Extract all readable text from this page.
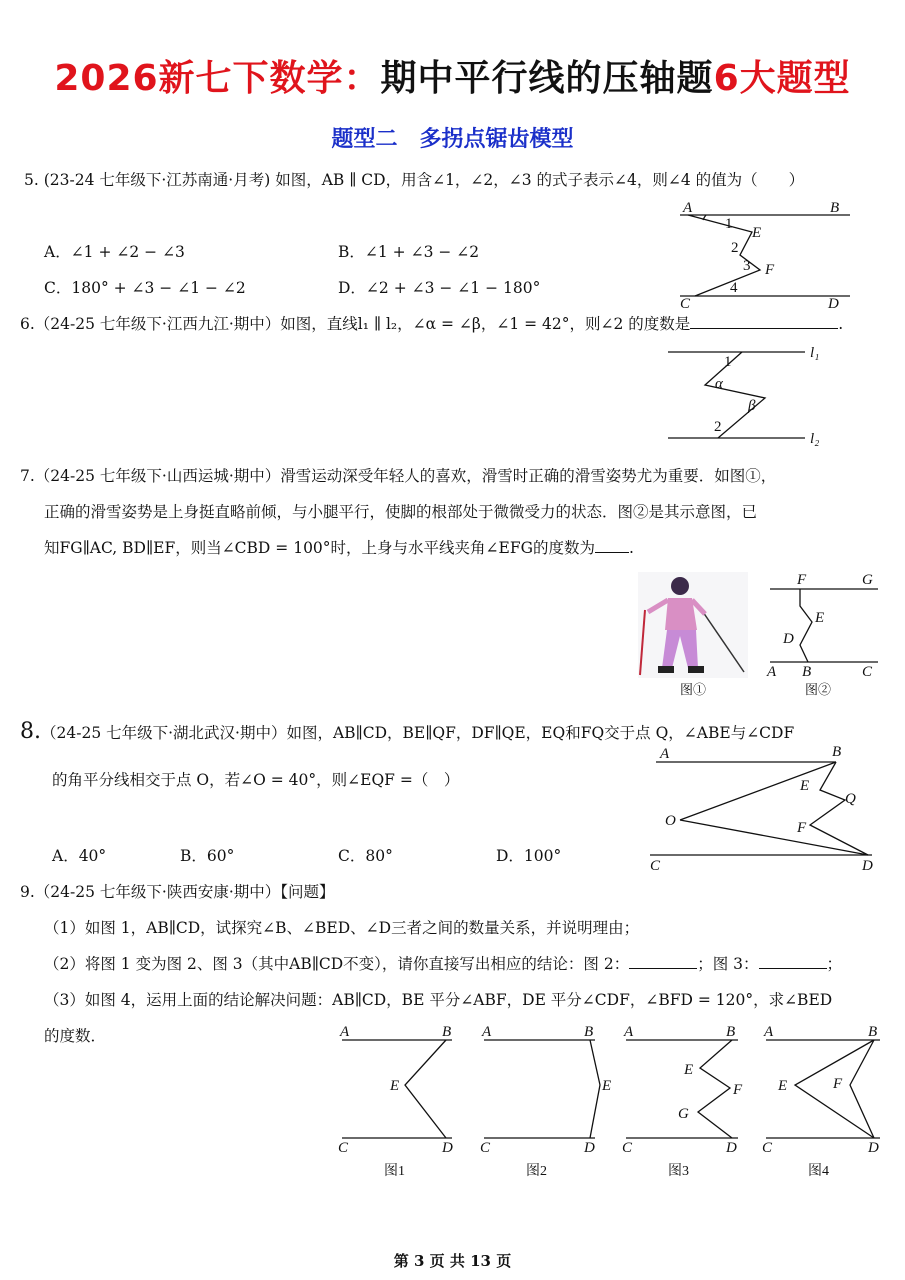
2026新七下数学：期中平行线的压轴题6大题型
题型二　多拐点锯齿模型
5. (23-24 七年级下·江苏南通·月考) 如图，AB ∥ CD，用含∠1，∠2，∠3 的式子表示∠4，则∠4 的值为（　　）
A．∠1 + ∠2 − ∠3	B．∠1 + ∠3 − ∠2
C．180° + ∠3 − ∠1 − ∠2	D．∠2 + ∠3 − ∠1 − 180°
A	B
1
E
2
3 F
C
4
D
6.（24-25 七年级下·江西九江·期中）如图，直线l₁ ∥ l₂，∠α = ∠β，∠1 = 42°，则∠2 的度数是	.
1
l₁
α
β
2
l₂
7.（24-25 七年级下·山西运城·期中）滑雪运动深受年轻人的喜欢，滑雪时正确的滑雪姿势尤为重要．如图①，
正确的滑雪姿势是上身挺直略前倾，与小腿平行，使脚的根部处于微微受力的状态．图②是其示意图，已
知FG∥AC, BD∥EF，则当∠CBD = 100°时，上身与水平线夹角∠EFG的度数为 .
图①
F	G
E
D
A B	C
图②
8.（24-25 七年级下·湖北武汉·期中）如图，AB∥CD，BE∥QF，DF∥QE，EQ和FQ交于点 Q，∠ABE与∠CDF
的角平分线相交于点 O，若∠O = 40°，则∠EQF =（　）
A．40°	B．60°	C．80°	D．100°
A	B
E
Q
O	F
C	D
9.（24-25 七年级下·陕西安康·期中）【问题】
（1）如图 1，AB∥CD，试探究∠B、∠BED、∠D三者之间的数量关系，并说明理由；
（2）将图 1 变为图 2、图 3（其中AB∥CD不变），请你直接写出相应的结论：图 2：	；图 3：	；
（3）如图 4，运用上面的结论解决问题：AB∥CD，BE 平分∠ABF，DE 平分∠CDF，∠BFD = 120°，求∠BED
的度数．	A	B
E
C	D
图1
A	B
E
C	D
图2
A	B
E
F
G
C	D
图3
A	B
E	F
C	D
图4
第 3 页 共 13 页
